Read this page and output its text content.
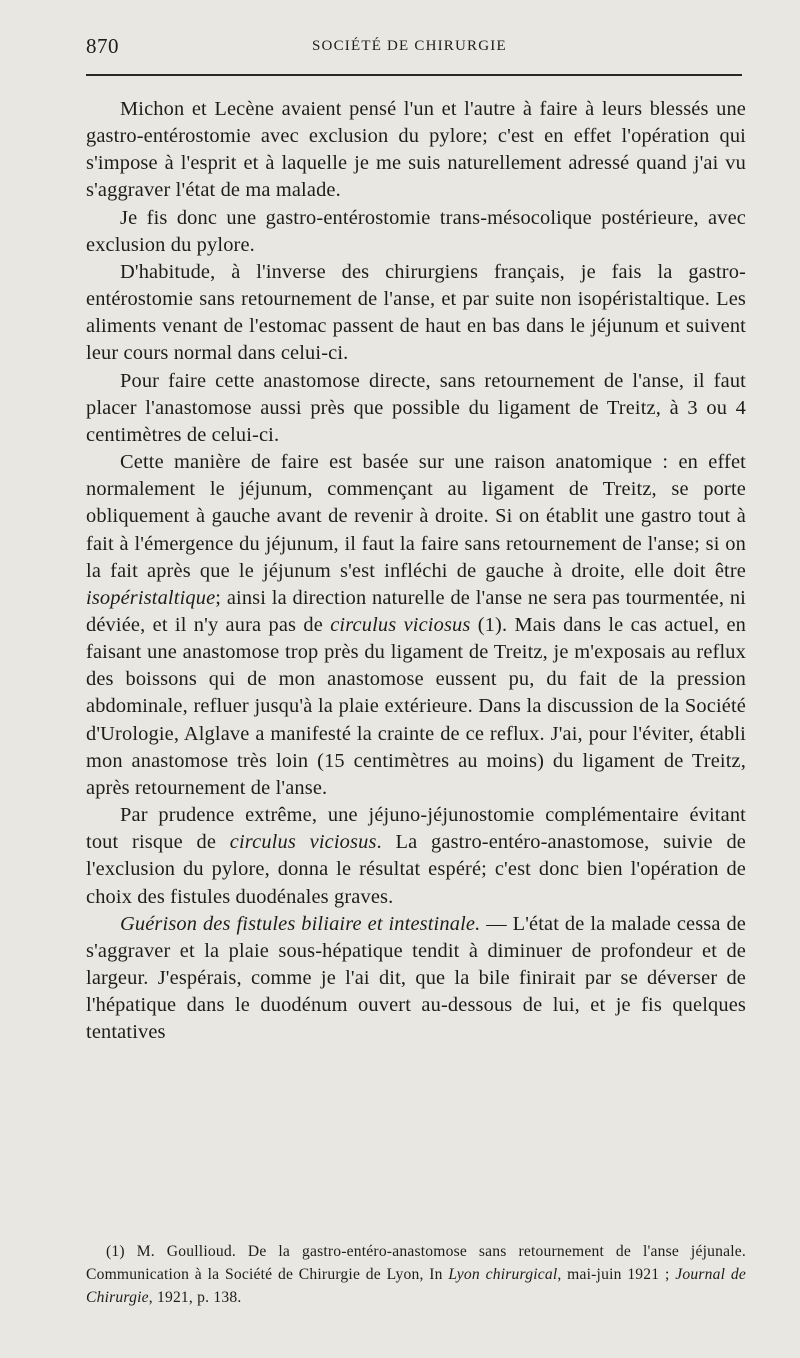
870	SOCIÉTÉ DE CHIRURGIE

Michon et Lecène avaient pensé l'un et l'autre à faire à leurs blessés une gastro-entérostomie avec exclusion du pylore; c'est en effet l'opération qui s'impose à l'esprit et à laquelle je me suis naturellement adressé quand j'ai vu s'aggraver l'état de ma malade.

Je fis donc une gastro-entérostomie trans-mésocolique postérieure, avec exclusion du pylore.

D'habitude, à l'inverse des chirurgiens français, je fais la gastro-entérostomie sans retournement de l'anse, et par suite non isopéristaltique. Les aliments venant de l'estomac passent de haut en bas dans le jéjunum et suivent leur cours normal dans celui-ci.

Pour faire cette anastomose directe, sans retournement de l'anse, il faut placer l'anastomose aussi près que possible du ligament de Treitz, à 3 ou 4 centimètres de celui-ci.

Cette manière de faire est basée sur une raison anatomique : en effet normalement le jéjunum, commençant au ligament de Treitz, se porte obliquement à gauche avant de revenir à droite. Si on établit une gastro tout à fait à l'émergence du jéjunum, il faut la faire sans retournement de l'anse; si on la fait après que le jéjunum s'est infléchi de gauche à droite, elle doit être isopéristaltique; ainsi la direction naturelle de l'anse ne sera pas tourmentée, ni déviée, et il n'y aura pas de circulus viciosus (1). Mais dans le cas actuel, en faisant une anastomose trop près du ligament de Treitz, je m'exposais au reflux des boissons qui de mon anastomose eussent pu, du fait de la pression abdominale, refluer jusqu'à la plaie extérieure. Dans la discussion de la Société d'Urologie, Alglave a manifesté la crainte de ce reflux. J'ai, pour l'éviter, établi mon anastomose très loin (15 centimètres au moins) du ligament de Treitz, après retournement de l'anse.

Par prudence extrême, une jéjuno-jéjunostomie complémentaire évitant tout risque de circulus viciosus. La gastro-entéro-anastomose, suivie de l'exclusion du pylore, donna le résultat espéré; c'est donc bien l'opération de choix des fistules duodénales graves.

Guérison des fistules biliaire et intestinale. — L'état de la malade cessa de s'aggraver et la plaie sous-hépatique tendit à diminuer de profondeur et de largeur. J'espérais, comme je l'ai dit, que la bile finirait par se déverser de l'hépatique dans le duodénum ouvert au-dessous de lui, et je fis quelques tentatives

(1) M. Goullioud. De la gastro-entéro-anastomose sans retournement de l'anse jéjunale. Communication à la Société de Chirurgie de Lyon, In Lyon chirurgical, mai-juin 1921 ; Journal de Chirurgie, 1921, p. 138.
